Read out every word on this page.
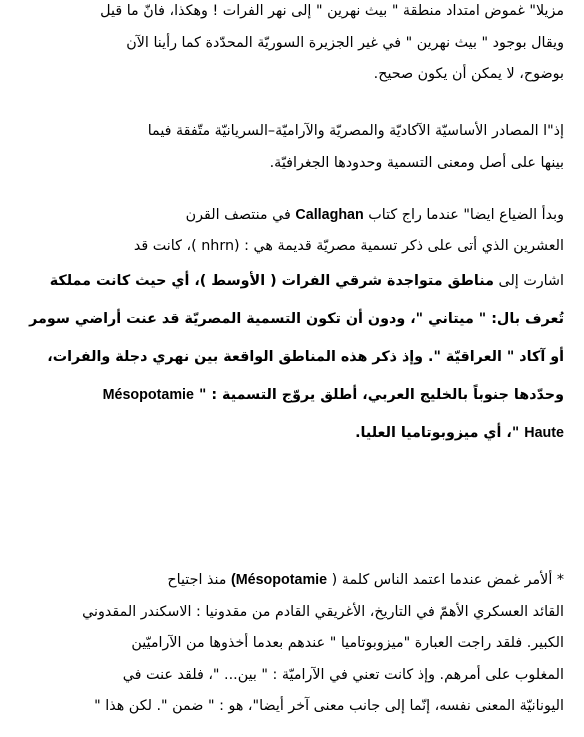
مزيلا" غموض امتداد منطقة " بيث نهرين " إلى نهر الفرات ! وهكذا، فانّ ما قيل
ويقال بوجود " بيث نهرين " في غير الجزيرة السوريّة المحدّدة كما رأينا الآن
بوضوح، لا يمكن أن يكون صحيح.
إذ"ا المصادر الأساسيّة الآكاديّة والمصريّة والآراميّة–السريانيّة متّفقة فيما
بينها على أصل ومعنى التسمية وحدودها الجغرافيّة.
وبدأ الضياع ايضا" عندما راج كتاب Callaghan في منتصف القرن
العشرين الذي أتى على ذكر تسمية مصريّة قديمة هي : (nhrn )، كانت قد
اشارت إلى مناطق متواجدة شرقي الفرات ( الأوسط )، أي حيث كانت مملكة
تُعرف بال: " ميتاني "، ودون أن تكون التسمية المصريّة قد عنت أراضي سومر
أو آكاد " العراقيّة ". وإذ ذكر هذه المناطق الواقعة بين نهري دجلة والفرات،
وحدّدها جنوباً بالخليج العربي، أطلق يروّج التسمية : " Mésopotamie
Haute "، أي ميزوبوتاميا العليا.
* ألأمر غمض عندما اعتمد الناس كلمة ( Mésopotamie) منذ اجتياح
القائد العسكري الأهمّ في التاريخ، الأغريقي القادم من مقدونيا : الاسكندر المقدوني
الكبير. فلقد راجت العبارة "ميزوبوتاميا " عندهم بعدما أخذوها من الآراميّين
المغلوب على أمرهم. وإذ كانت تعني في الآراميّة : " بين... "، فلقد عنت في
اليونانيّة المعنى نفسه، إنّما إلى جانب معنى آخر أيضا"، هو : " ضمن ". لكن هذا "
